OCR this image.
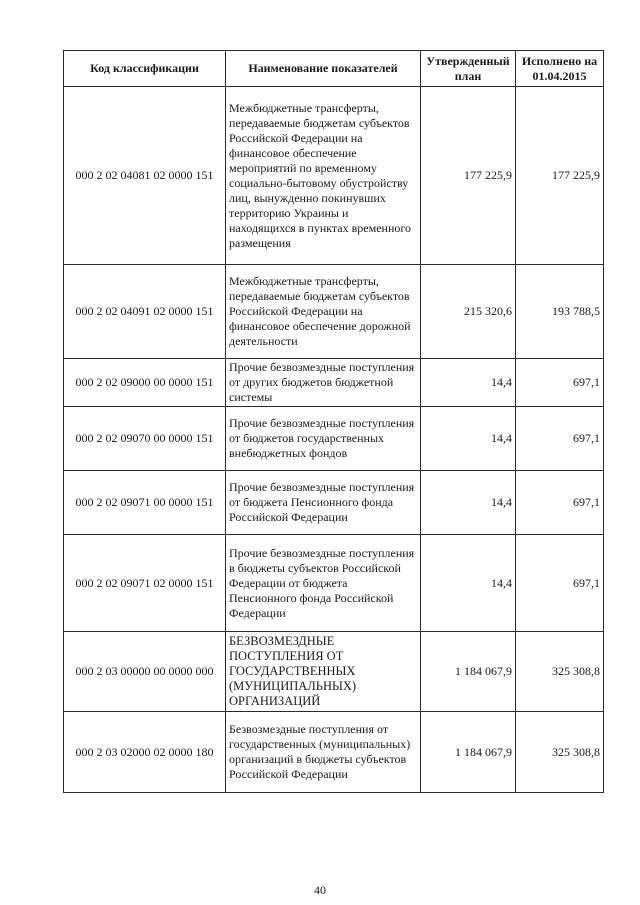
Код классификации	Наименование показателей	Утвержденный план	Исполнено на 01.04.2015
000 2 02 04081 02 0000 151	Межбюджетные трансферты, передаваемые бюджетам субъектов Российской Федерации на финансовое обеспечение мероприятий по временному социально-бытовому обустройству лиц, вынужденно покинувших территорию Украины и находящихся в пунктах временного размещения	177 225,9	177 225,9
000 2 02 04091 02 0000 151	Межбюджетные трансферты, передаваемые бюджетам субъектов Российской Федерации на финансовое обеспечение дорожной деятельности	215 320,6	193 788,5
000 2 02 09000 00 0000 151	Прочие безвозмездные поступления от других бюджетов бюджетной системы	14,4	697,1
000 2 02 09070 00 0000 151	Прочие безвозмездные поступления от бюджетов государственных внебюджетных фондов	14,4	697,1
000 2 02 09071 00 0000 151	Прочие безвозмездные поступления от бюджета Пенсионного фонда Российской Федерации	14,4	697,1
000 2 02 09071 02 0000 151	Прочие безвозмездные поступления в бюджеты субъектов Российской Федерации от бюджета Пенсионного фонда Российской Федерации	14,4	697,1
000 2 03 00000 00 0000 000	БЕЗВОЗМЕЗДНЫЕ ПОСТУПЛЕНИЯ ОТ ГОСУДАРСТВЕННЫХ (МУНИЦИПАЛЬНЫХ) ОРГАНИЗАЦИЙ	1 184 067,9	325 308,8
000 2 03 02000 02 0000 180	Безвозмездные поступления от государственных (муниципальных) организаций в бюджеты субъектов Российской Федерации	1 184 067,9	325 308,8
40
